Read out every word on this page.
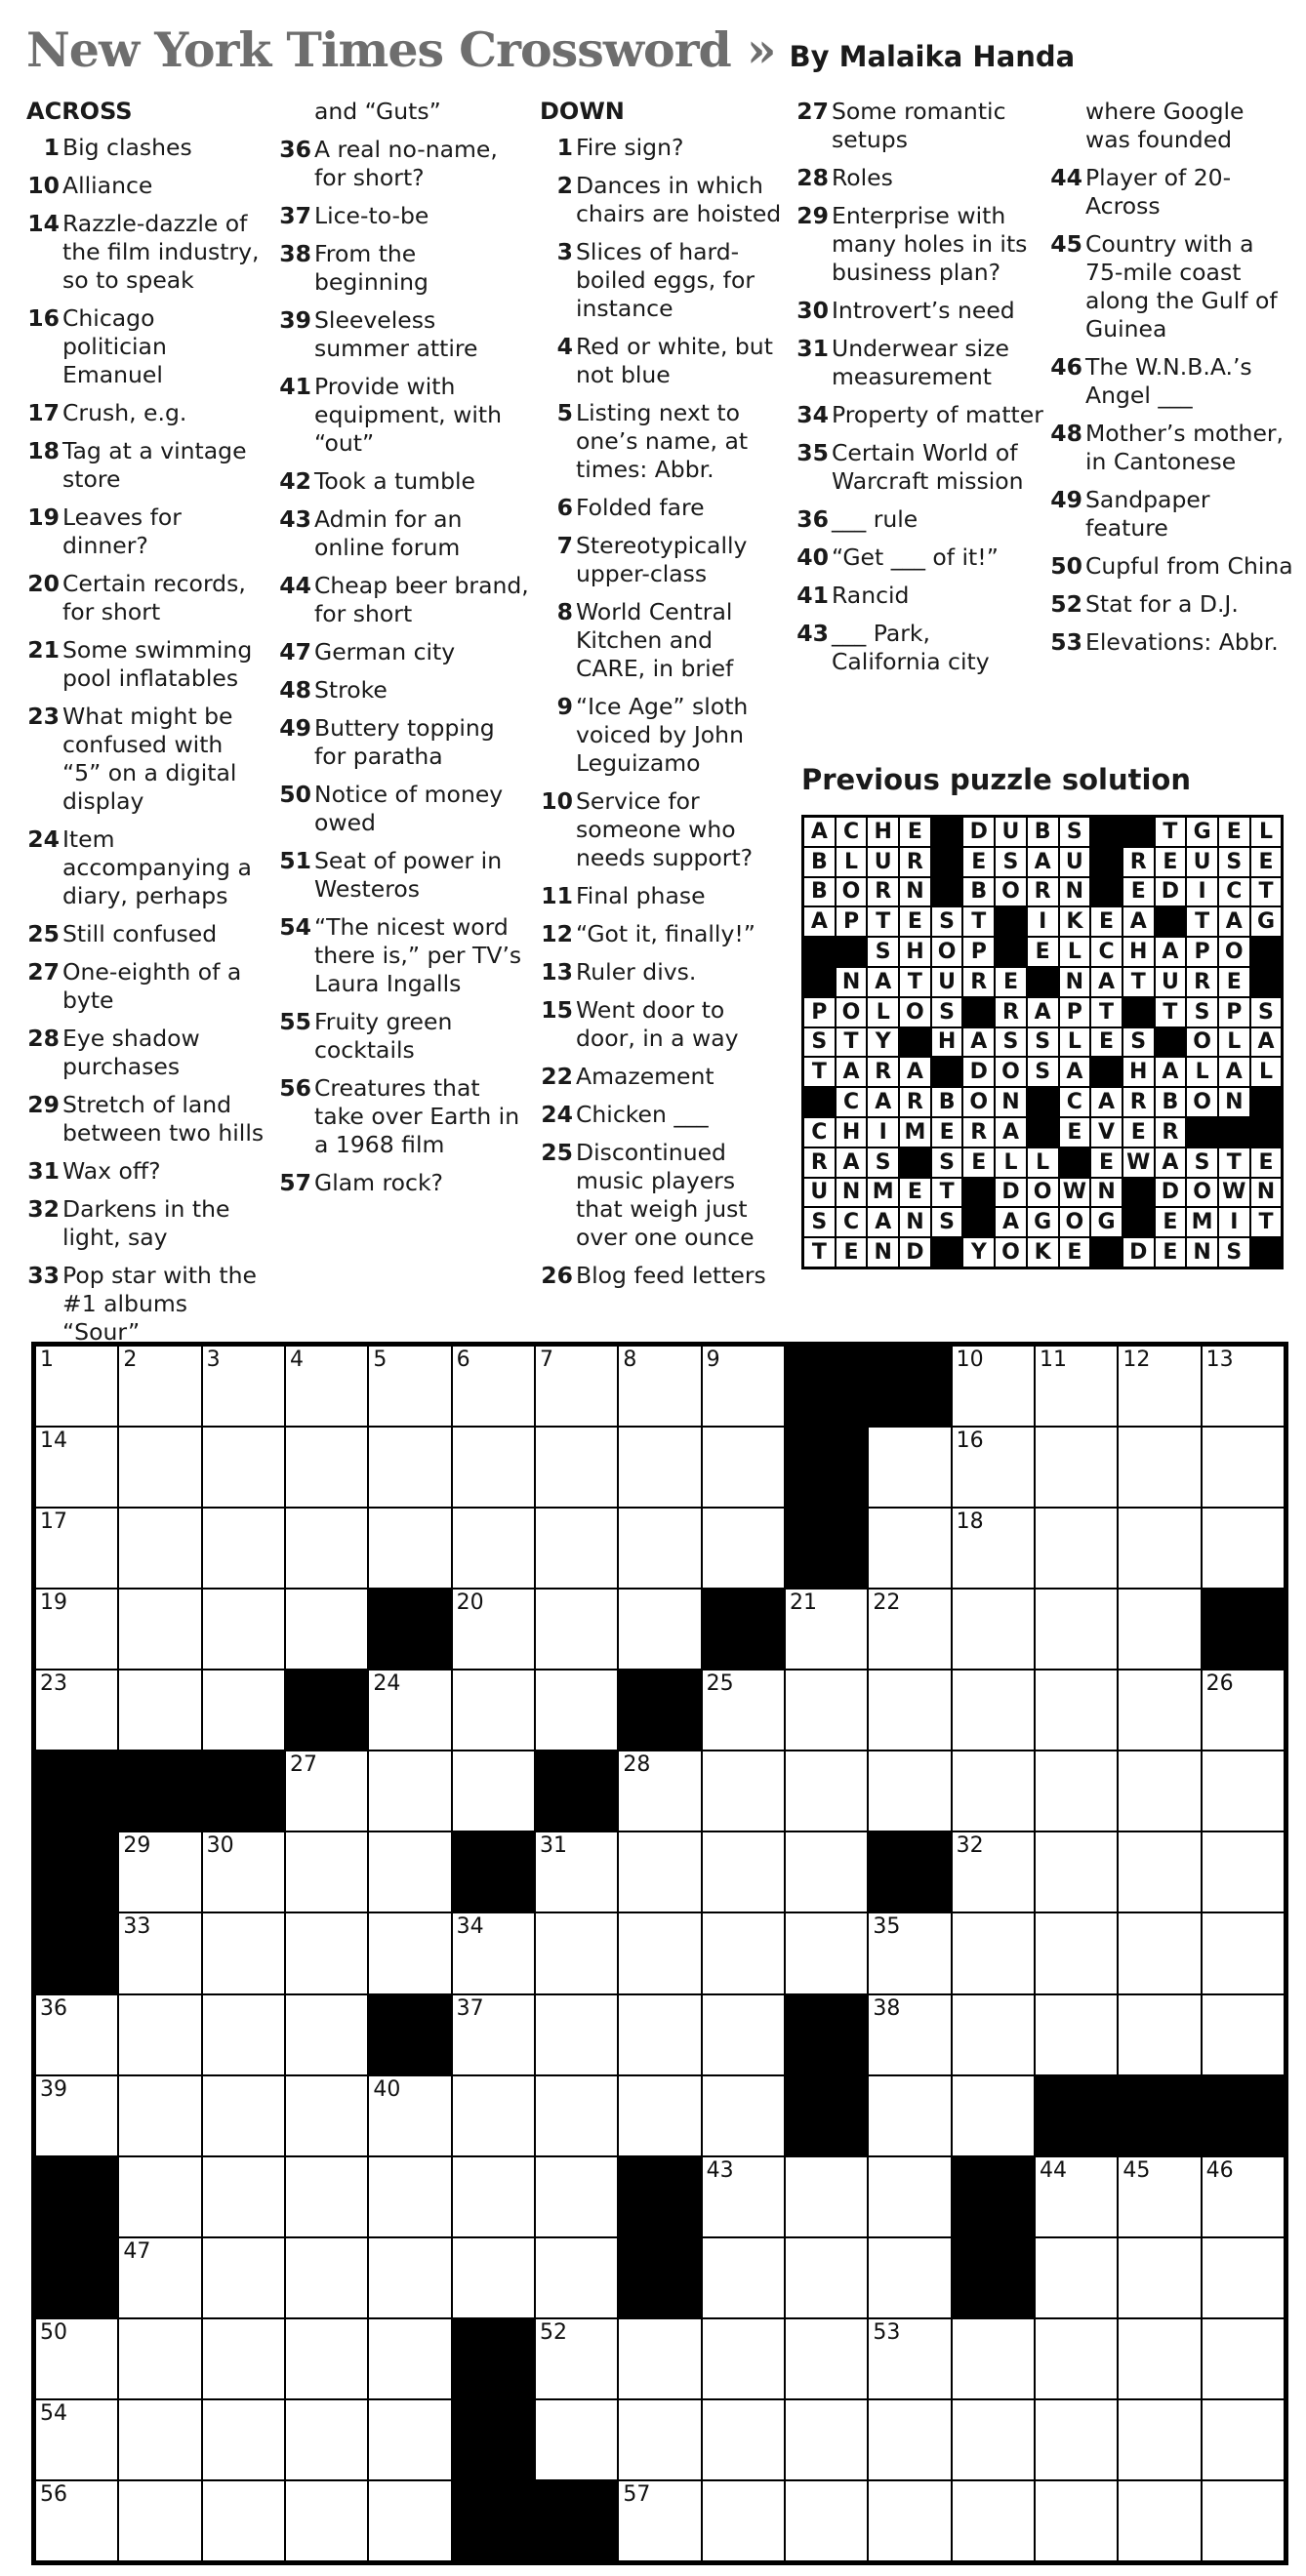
New York Times Crossword » By Malaika Handa
ACROSS
1 Big clashes
10 Alliance
14 Razzle-dazzle of the film industry, so to speak
16 Chicago politician Emanuel
17 Crush, e.g.
18 Tag at a vintage store
19 Leaves for dinner?
20 Certain records, for short
21 Some swimming pool inflatables
23 What might be confused with “5” on a digital display
24 Item accompanying a diary, perhaps
25 Still confused
27 One-eighth of a byte
28 Eye shadow purchases
29 Stretch of land between two hills
31 Wax off?
32 Darkens in the light, say
33 Pop star with the #1 albums “Sour”
and “Guts”
36 A real no-name, for short?
37 Lice-to-be
38 From the beginning
39 Sleeveless summer attire
41 Provide with equipment, with “out”
42 Took a tumble
43 Admin for an online forum
44 Cheap beer brand, for short
47 German city
48 Stroke
49 Buttery topping for paratha
50 Notice of money owed
51 Seat of power in Westeros
54 “The nicest word there is,” per TV’s Laura Ingalls
55 Fruity green cocktails
56 Creatures that take over Earth in a 1968 film
57 Glam rock?
DOWN
1 Fire sign?
2 Dances in which chairs are hoisted
3 Slices of hard-boiled eggs, for instance
4 Red or white, but not blue
5 Listing next to one’s name, at times: Abbr.
6 Folded fare
7 Stereotypically upper-class
8 World Central Kitchen and CARE, in brief
9 “Ice Age” sloth voiced by John Leguizamo
10 Service for someone who needs support?
11 Final phase
12 “Got it, finally!”
13 Ruler divs.
15 Went door to door, in a way
22 Amazement
24 Chicken ___
25 Discontinued music players that weigh just over one ounce
26 Blog feed letters
27 Some romantic setups
28 Roles
29 Enterprise with many holes in its business plan?
30 Introvert’s need
31 Underwear size measurement
34 Property of matter
35 Certain World of Warcraft mission
36 ___ rule
40 “Get ___ of it!”
41 Rancid
43 ___ Park, California city
where Google was founded
44 Player of 20-Across
45 Country with a 75-mile coast along the Gulf of Guinea
46 The W.N.B.A.’s Angel ___
48 Mother’s mother, in Cantonese
49 Sandpaper feature
50 Cupful from China
52 Stat for a D.J.
53 Elevations: Abbr.
Previous puzzle solution
A C H E	D U B S	T G E L
B L U R	E S A U	R E U S E
B O R N	B O R N	E D I C T
A P T E S T	I K E A	T A G
S H O P	E L C H A P O
N A T U R E	N A T U R E
P O L O S	R A P T	T S P S
S T Y	H A S S L E S	O L A
T A R A	D O S A	H A L A L
C A R B O N	C A R B O N
C H I M E R A	E V E R
R A S	S E L L	E W A S T E
U N M E T	D O W N	D O W N
S C A N S	A G O G	E M I T
T E N D	Y O K E	D E N S
1	2	3	4	5	6	7	8	9	10	11	12	13
14	16
17	18
19	20	21	22
23	24	25	26
27	28
29	30	31	32
33	34	35
36	37	38
39	40
43	44	45	46
47
50	52	53
54
56	57
